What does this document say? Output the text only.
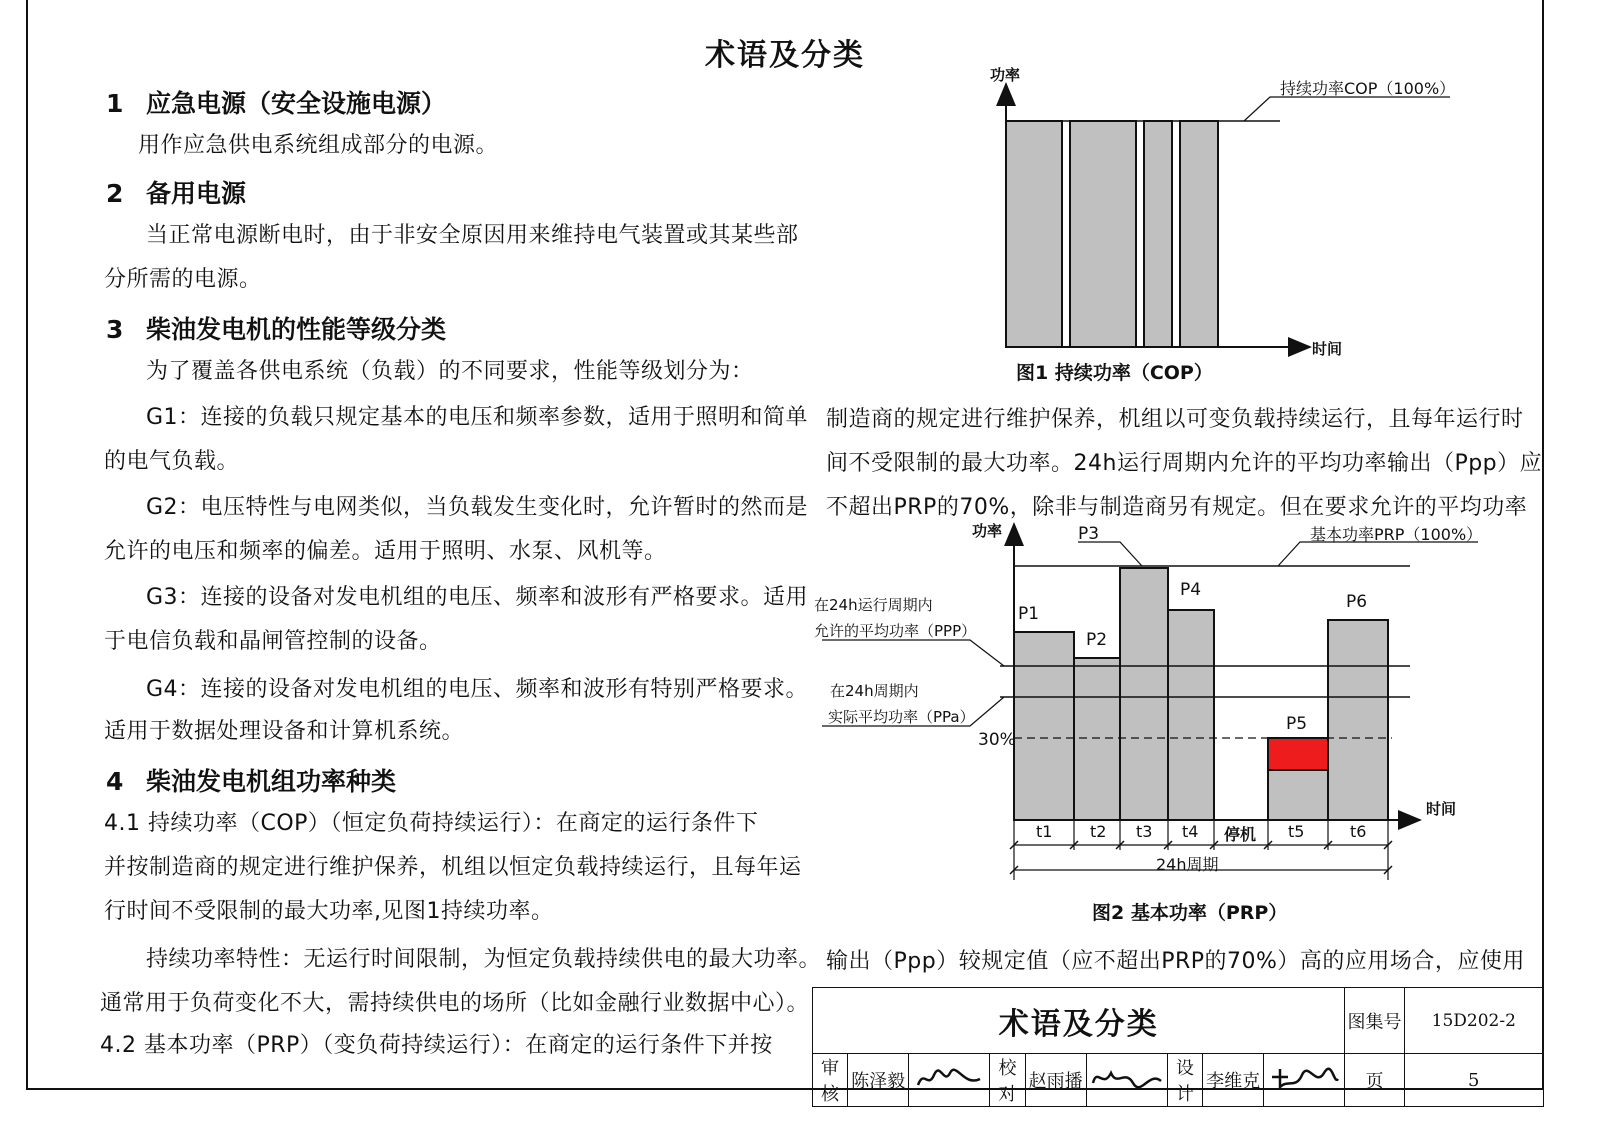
术语及分类
1 应急电源（安全设施电源）
用作应急供电系统组成部分的电源。
2 备用电源
当正常电源断电时，由于非安全原因用来维持电气装置或其某些部
分所需的电源。
3 柴油发电机的性能等级分类
为了覆盖各供电系统（负载）的不同要求，性能等级划分为：
G1：连接的负载只规定基本的电压和频率参数，适用于照明和简单
的电气负载。
G2：电压特性与电网类似，当负载发生变化时，允许暂时的然而是
允许的电压和频率的偏差。适用于照明、水泵、风机等。
G3：连接的设备对发电机组的电压、频率和波形有严格要求。适用
于电信负载和晶闸管控制的设备。
G4：连接的设备对发电机组的电压、频率和波形有特别严格要求。
适用于数据处理设备和计算机系统。
4 柴油发电机组功率种类
4.1 持续功率（COP）（恒定负荷持续运行）：在商定的运行条件下
并按制造商的规定进行维护保养，机组以恒定负载持续运行，且每年运
行时间不受限制的最大功率,见图1持续功率。
持续功率特性：无运行时间限制，为恒定负载持续供电的最大功率。
通常用于负荷变化不大，需持续供电的场所（比如金融行业数据中心）。
4.2 基本功率（PRP）（变负荷持续运行）：在商定的运行条件下并按
制造商的规定进行维护保养，机组以可变负载持续运行，且每年运行时
间不受限制的最大功率。24h运行周期内允许的平均功率输出（Ppp）应
不超出PRP的70%，除非与制造商另有规定。但在要求允许的平均功率
输出（Ppp）较规定值（应不超出PRP的70%）高的应用场合，应使用
功率
时间
持续功率COP（100%）
图1 持续功率（COP）
功率
时间
基本功率PRP（100%）
在24h运行周期内
允许的平均功率（PPP）
在24h周期内
实际平均功率（PPa）
30%
P1
P2
P3
P4
P5
P6
t1 t2 t3 t4 停机 t5	t6
24h周期
图2 基本功率（PRP）
术语及分类									图集号	15D202-2
审核	陈泽毅		校对	赵雨播		设计	李维克		页	5
